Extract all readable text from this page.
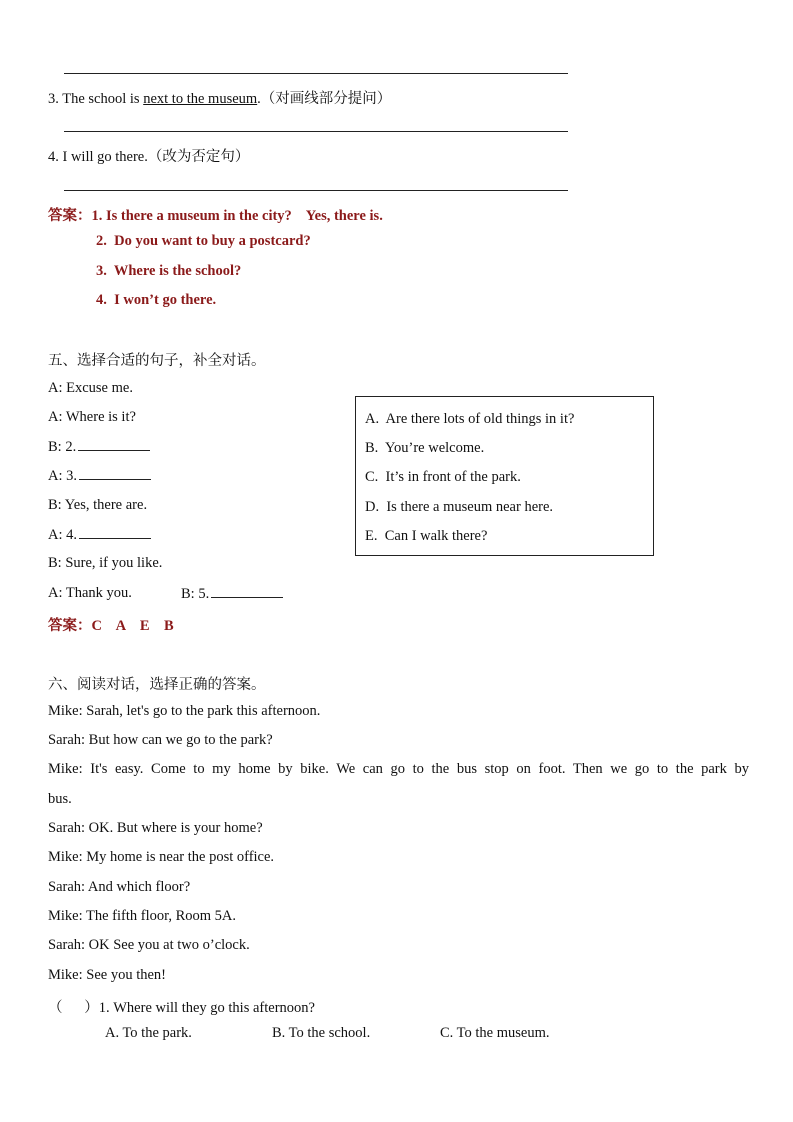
3. The school is next to the museum.（对画线部分提问）
4. I will go there.（改为否定句）
答案：1. Is there a museum in the city?    Yes, there is.
2.  Do you want to buy a postcard?
3.  Where is the school?
4.  I won’t go there.
五、选择合适的句子，补全对话。
A: Excuse me.
A: Where is it?
B: 2.
A: 3.
B: Yes, there are.
A: 4.
B: Sure, if you like.
A: Thank you.	B: 5.
A.  Are there lots of old things in it?
B.  You’re welcome.
C.  It’s in front of the park.
D.  Is there a museum near here.
E.  Can I walk there?
答案：C    A    E    B
六、阅读对话，选择正确的答案。
Mike: Sarah, let's go to the park this afternoon.
Sarah: But how can we go to the park?
Mike: It's easy. Come to my home by bike. We can go to the bus stop on foot. Then we go to the park by
bus.
Sarah: OK. But where is your home?
Mike: My home is near the post office.
Sarah: And which floor?
Mike: The fifth floor, Room 5A.
Sarah: OK See you at two o’clock.
Mike: See you then!
（      ）1. Where will they go this afternoon?
A. To the park.	B. To the school.	C. To the museum.
